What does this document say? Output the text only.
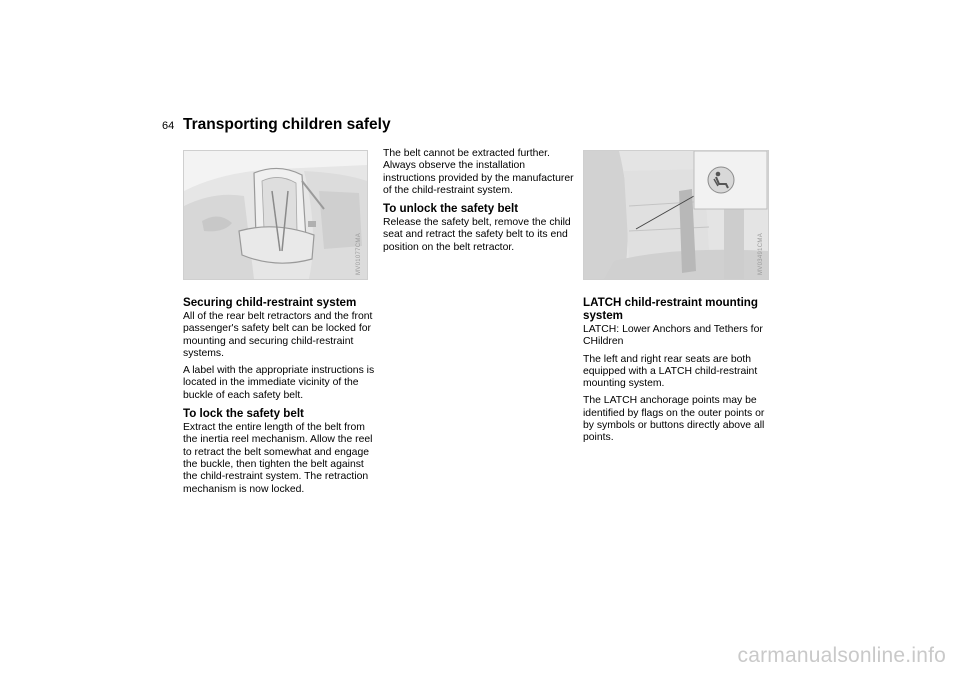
64 Transporting children safely
MV01077CMA	MV03491CMA
Securing child-restraint system

All of the rear belt retractors and the front passenger's safety belt can be locked for mounting and securing child-restraint systems.

A label with the appropriate instructions is located in the immediate vicinity of the buckle of each safety belt.

To lock the safety belt

Extract the entire length of the belt from the inertia reel mechanism. Allow the reel to retract the belt somewhat and engage the buckle, then tighten the belt against the child-restraint system. The retraction mechanism is now locked.

The belt cannot be extracted further. Always observe the installation instructions provided by the manufacturer of the child-restraint system.

To unlock the safety belt

Release the safety belt, remove the child seat and retract the safety belt to its end position on the belt retractor.

LATCH child-restraint mounting system

LATCH: Lower Anchors and Tethers for CHildren

The left and right rear seats are both equipped with a LATCH child-restraint mounting system.

The LATCH anchorage points may be identified by flags on the outer points or by symbols or buttons directly above all points.

carmanualsonline.info
